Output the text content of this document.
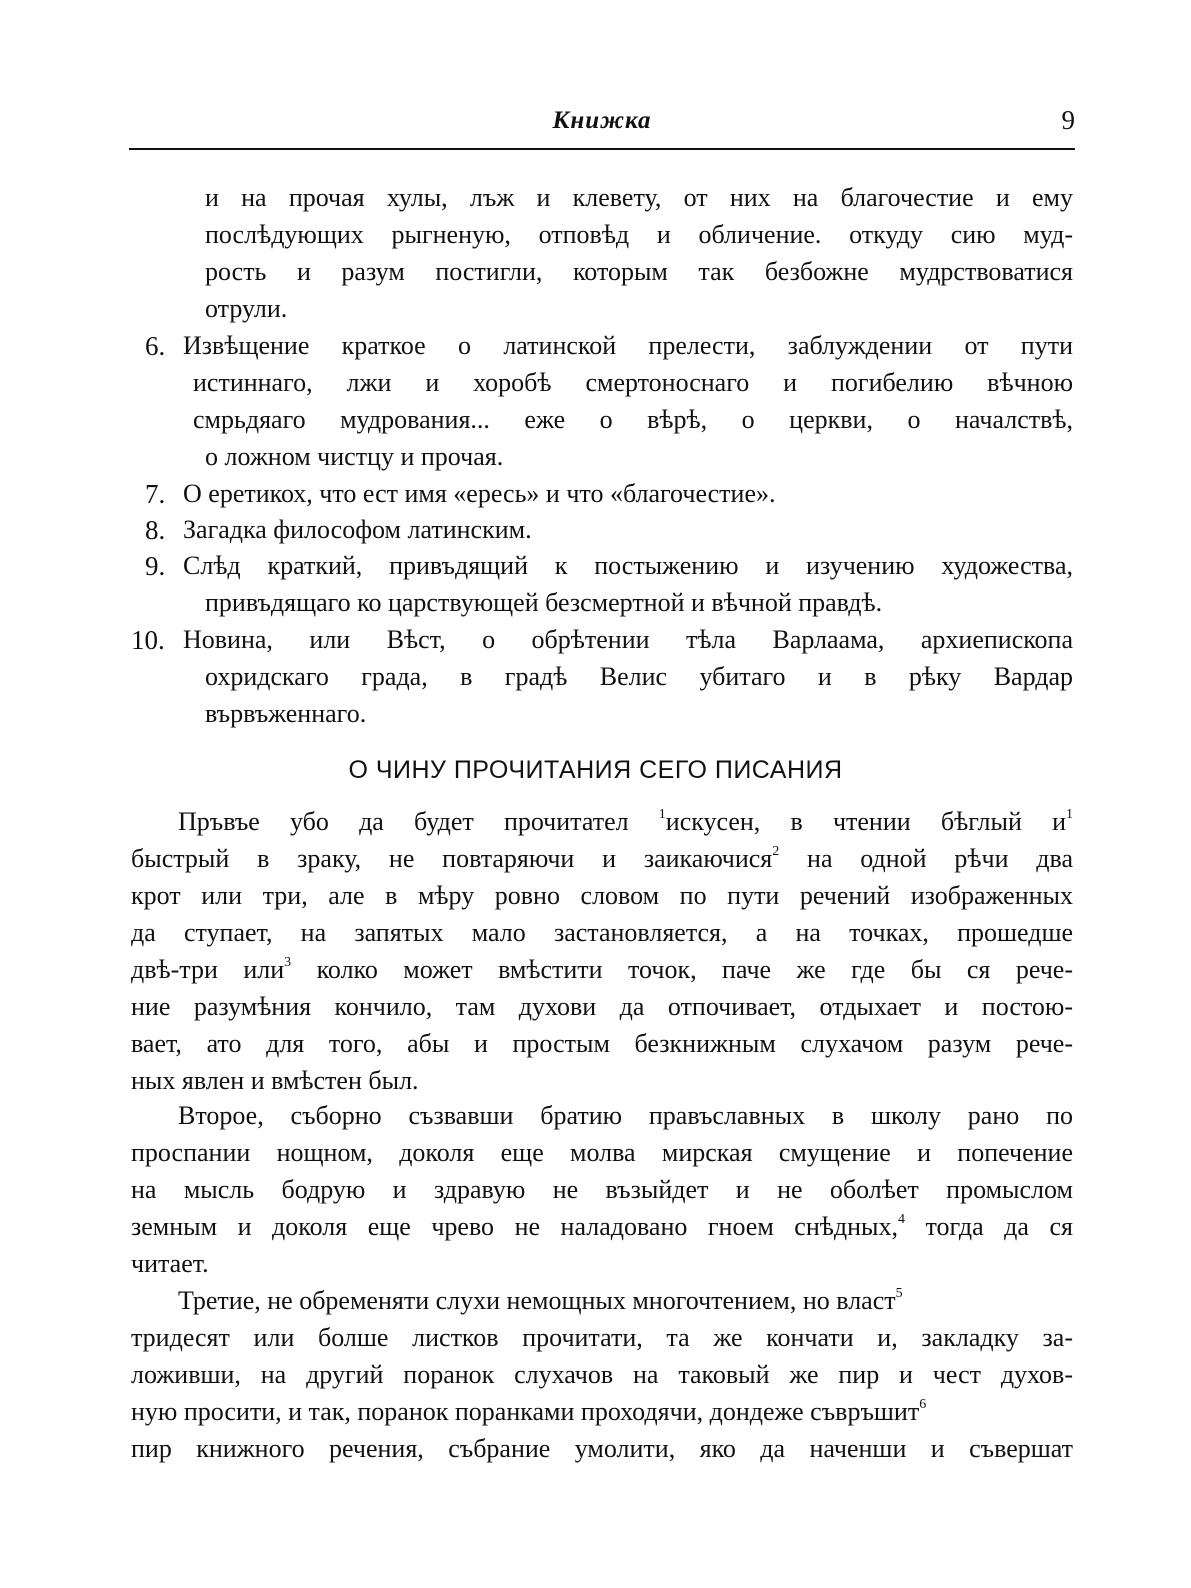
Книжка	9
и на прочая хулы, лъж и клевету, от них на благочестие и ему
послѣдующих рыгненую, отповѣд и обличение. откуду сию муд-
рость и разум постигли, которым так безбожне мудрствоватися
отрули.
6. Извѣщение краткое о латинской прелести, заблуждении от пути
истиннаго, лжи и хоробѣ смертоноснаго и погибелию вѣчною
смрьдяаго мудрования... еже о вѣрѣ, о церкви, о началствѣ,
о ложном чистцу и прочая.
7. О еретикох, что ест имя «ересь» и что «благочестие».
8. Загадка философом латинским.
9. Слѣд краткий, привъдящий к постыжению и изучению художества,
привъдящаго ко царствующей безсмертной и вѣчной правдѣ.
10. Новина, или Вѣст, о обрѣтении тѣла Варлаама, архиепископа
охридскаго града, в градѣ Велис убитаго и в рѣку Вардар
вървъженнаго.
О ЧИНУ ПРОЧИТАНИЯ СЕГО ПИСАНИЯ
Пръвъе убо да будет прочитател $^1$искусен, в чтении бѣглый $и^1$
быстрый в зраку, не повтаряючи и заикаючися$^2$ на одной рѣчи два
крот или три, але в мѣру ровно словом по пути речений изображенных
да ступает, на запятых мало застановляется, а на точках, прошедше
двѣ-три или$^3$ колко может вмѣстити точок, паче же где бы ся рече-
ние разумѣния кончило, там духови да отпочивает, отдыхает и постою-
вает, ато для того, абы и простым безкнижным слухачом разум рече-
ных явлен и вмѣстен был.
Второе, съборно съзвавши братию правъславных в школу рано по
проспании нощном, доколя еще молва мирская смущение и попечение
на мысль бодрую и здравую не възыйдет и не оболѣет промыслом
земным и доколя еще чрево не наладовано гноем снѣдных,$^4$ тогда да ся
читает.
Третие, не обременяти слухи немощных многочтением, но власт$^5$
тридесят или болше листков прочитати, та же кончати и, закладку за-
ложивши, на другий поранок слухачов на таковый же пир и чест духов-
ную просити, и так, поранок поранками проходячи, дондеже съвръшит$^6$
пир книжного речения, събрание умолити, яко да наченши и съвершат
